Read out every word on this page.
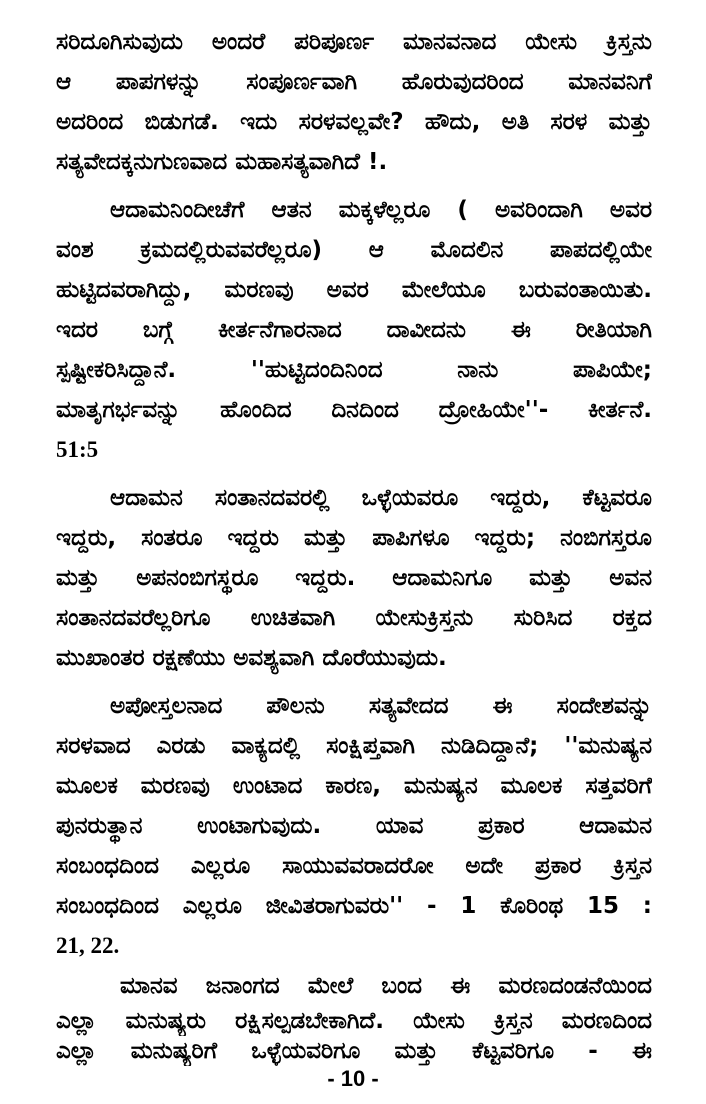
ಸರಿದೂಗಿಸುವುದು ಅಂದರೆ ಪರಿಪೂರ್ಣ ಮಾನವನಾದ ಯೇಸು ಕ್ರಿಸ್ತನು
ಆ ಪಾಪಗಳನ್ನು ಸಂಪೂರ್ಣವಾಗಿ ಹೊರುವುದರಿಂದ ಮಾನವನಿಗೆ
ಅದರಿಂದ ಬಿಡುಗಡೆ. ಇದು ಸರಳವಲ್ಲವೇ? ಹೌದು, ಅತಿ ಸರಳ ಮತ್ತು
ಸತ್ಯವೇದಕ್ಕನುಗುಣವಾದ ಮಹಾಸತ್ಯವಾಗಿದೆ !.
ಆದಾಮನಿಂದೀಚೆಗೆ ಆತನ ಮಕ್ಕಳೆಲ್ಲರೂ ( ಅವರಿಂದಾಗಿ ಅವರ
ವಂಶ ಕ್ರಮದಲ್ಲಿರುವವರೆಲ್ಲರೂ) ಆ ಮೊದಲಿನ ಪಾಪದಲ್ಲಿಯೇ
ಹುಟ್ಟಿದವರಾಗಿದ್ದು, ಮರಣವು ಅವರ ಮೇಲೆಯೂ ಬರುವಂತಾಯಿತು.
ಇದರ ಬಗ್ಗೆ ಕೀರ್ತನೆಗಾರನಾದ ದಾವೀದನು ಈ ರೀತಿಯಾಗಿ
ಸ್ಪಷ್ಟೀಕರಿಸಿದ್ದಾನೆ. ''ಹುಟ್ಟಿದಂದಿನಿಂದ ನಾನು ಪಾಪಿಯೇ;
ಮಾತೃಗರ್ಭವನ್ನು ಹೊಂದಿದ ದಿನದಿಂದ ದ್ರೋಹಿಯೇ''- ಕೀರ್ತನೆ.
51:5
ಆದಾಮನ ಸಂತಾನದವರಲ್ಲಿ ಒಳ್ಳೆಯವರೂ ಇದ್ದರು, ಕೆಟ್ಟವರೂ
ಇದ್ದರು, ಸಂತರೂ ಇದ್ದರು ಮತ್ತು ಪಾಪಿಗಳೂ ಇದ್ದರು; ನಂಬಿಗಸ್ತರೂ
ಮತ್ತು ಅಪನಂಬಿಗಸ್ಥರೂ ಇದ್ದರು. ಆದಾಮನಿಗೂ ಮತ್ತು ಅವನ
ಸಂತಾನದವರೆಲ್ಲರಿಗೂ ಉಚಿತವಾಗಿ ಯೇಸುಕ್ರಿಸ್ತನು ಸುರಿಸಿದ ರಕ್ತದ
ಮುಖಾಂತರ ರಕ್ಷಣೆಯು ಅವಶ್ಯವಾಗಿ ದೊರೆಯುವುದು.
ಅಪೋಸ್ತಲನಾದ ಪೌಲನು ಸತ್ಯವೇದದ ಈ ಸಂದೇಶವನ್ನು
ಸರಳವಾದ ಎರಡು ವಾಕ್ಯದಲ್ಲಿ ಸಂಕ್ಷಿಪ್ತವಾಗಿ ನುಡಿದಿದ್ದಾನೆ; ''ಮನುಷ್ಯನ
ಮೂಲಕ ಮರಣವು ಉಂಟಾದ ಕಾರಣ, ಮನುಷ್ಯನ ಮೂಲಕ ಸತ್ತವರಿಗೆ
ಪುನರುತ್ಥಾನ ಉಂಟಾಗುವುದು. ಯಾವ ಪ್ರಕಾರ ಆದಾಮನ
ಸಂಬಂಧದಿಂದ ಎಲ್ಲರೂ ಸಾಯುವವರಾದರೋ ಅದೇ ಪ್ರಕಾರ ಕ್ರಿಸ್ತನ
ಸಂಬಂಧದಿಂದ ಎಲ್ಲರೂ ಜೀವಿತರಾಗುವರು'' - 1 ಕೊರಿಂಥ 15 :
21, 22.
ಮಾನವ ಜನಾಂಗದ ಮೇಲೆ ಬಂದ ಈ ಮರಣದಂಡನೆಯಿಂದ
ಎಲ್ಲಾ ಮನುಷ್ಯರು ರಕ್ಷಿಸಲ್ಪಡಬೇಕಾಗಿದೆ. ಯೇಸು ಕ್ರಿಸ್ತನ ಮರಣದಿಂದ
ಎಲ್ಲಾ ಮನುಷ್ಯರಿಗೆ ಒಳ್ಳೆಯವರಿಗೂ ಮತ್ತು ಕೆಟ್ಟವರಿಗೂ - ಈ
- 10 -
